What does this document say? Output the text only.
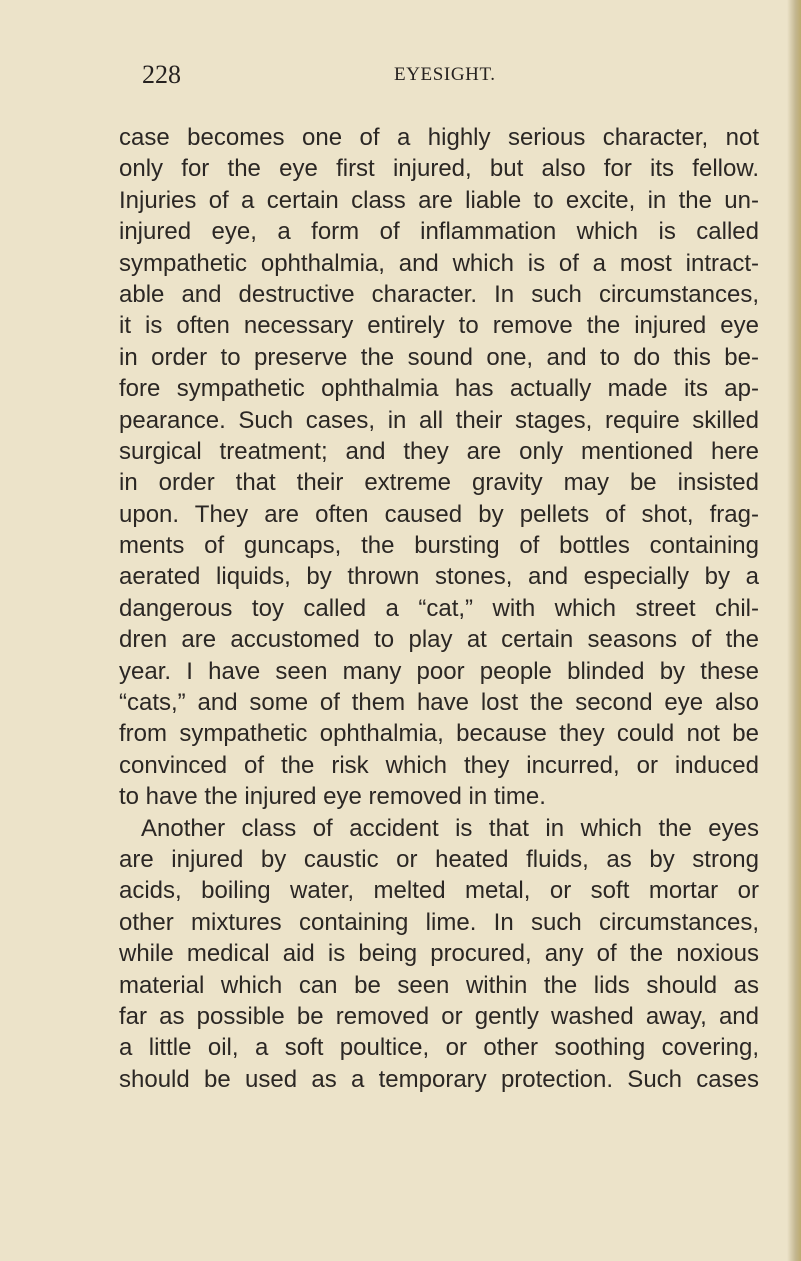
228	EYESIGHT.
case becomes one of a highly serious character, not
only for the eye first injured, but also for its fellow.
Injuries of a certain class are liable to excite, in the un-
injured eye, a form of inflammation which is called
sympathetic ophthalmia, and which is of a most intract-
able and destructive character. In such circumstances,
it is often necessary entirely to remove the injured eye
in order to preserve the sound one, and to do this be-
fore sympathetic ophthalmia has actually made its ap-
pearance. Such cases, in all their stages, require skilled
surgical treatment; and they are only mentioned here
in order that their extreme gravity may be insisted
upon. They are often caused by pellets of shot, frag-
ments of guncaps, the bursting of bottles containing
aerated liquids, by thrown stones, and especially by a
dangerous toy called a “cat,” with which street chil-
dren are accustomed to play at certain seasons of the
year. I have seen many poor people blinded by these
“cats,” and some of them have lost the second eye also
from sympathetic ophthalmia, because they could not be
convinced of the risk which they incurred, or induced
to have the injured eye removed in time.
Another class of accident is that in which the eyes
are injured by caustic or heated fluids, as by strong
acids, boiling water, melted metal, or soft mortar or
other mixtures containing lime. In such circumstances,
while medical aid is being procured, any of the noxious
material which can be seen within the lids should as
far as possible be removed or gently washed away, and
a little oil, a soft poultice, or other soothing covering,
should be used as a temporary protection. Such cases
